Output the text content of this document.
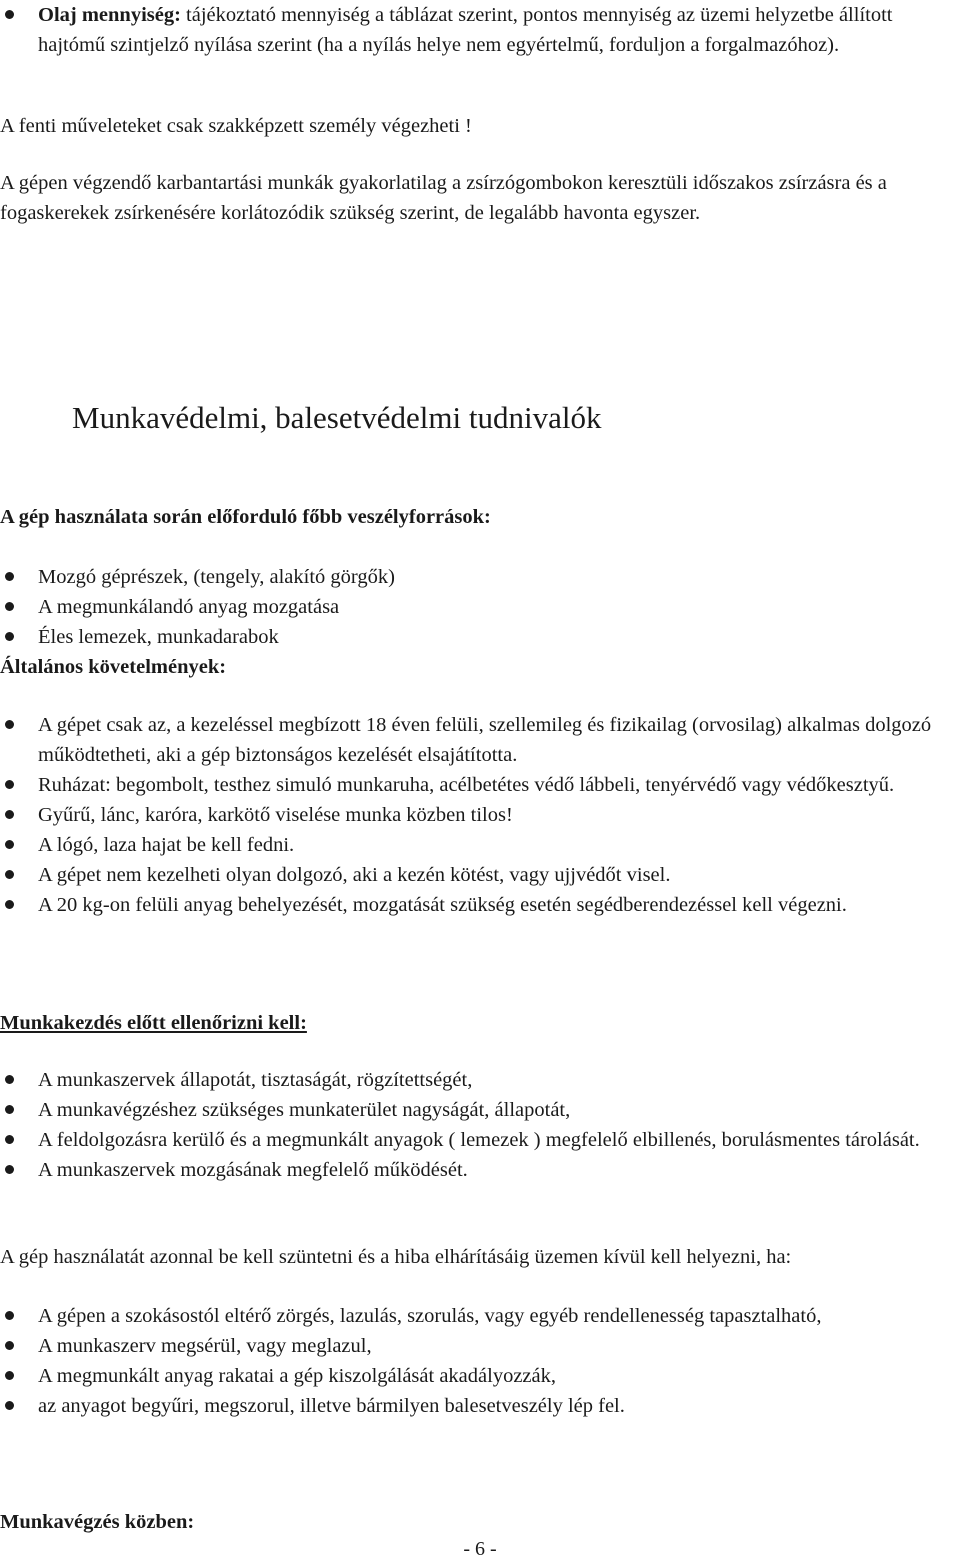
Olaj mennyiség: tájékoztató mennyiség a táblázat szerint, pontos mennyiség az üzemi helyzetbe állított hajtómű szintjelző nyílása szerint (ha a nyílás helye nem egyértelmű, forduljon a forgalmazóhoz).
A fenti műveleteket csak szakképzett személy végezheti !
A gépen végzendő karbantartási munkák gyakorlatilag a zsírzógombokon keresztüli időszakos zsírzásra és a fogaskerekek zsírkenésére korlátozódik szükség szerint, de legalább havonta egyszer.
Munkavédelmi, balesetvédelmi tudnivalók
A gép használata során előforduló főbb veszélyforrások:
Mozgó géprészek, (tengely, alakító görgők)
A megmunkálandó anyag mozgatása
Éles lemezek, munkadarabok
Általános követelmények:
A gépet csak az, a kezeléssel megbízott 18 éven felüli, szellemileg és fizikailag (orvosilag) alkalmas dolgozó működtetheti, aki a gép biztonságos kezelését elsajátította.
Ruházat: begombolt, testhez simuló munkaruha, acélbetétes védő lábbeli, tenyérvédő vagy védőkesztyű.
Gyűrű, lánc, karóra, karkötő viselése munka közben tilos!
A lógó, laza hajat be kell fedni.
A gépet nem kezelheti olyan dolgozó, aki a kezén kötést, vagy ujjvédőt visel.
A 20 kg-on felüli anyag behelyezését, mozgatását szükség esetén segédberendezéssel kell végezni.
Munkakezdés előtt ellenőrizni kell:
A munkaszervek állapotát, tisztaságát, rögzítettségét,
A munkavégzéshez szükséges munkaterület nagyságát, állapotát,
A feldolgozásra kerülő és a megmunkált anyagok ( lemezek ) megfelelő elbillenés, borulásmentes tárolását.
A munkaszervek mozgásának megfelelő működését.
A gép használatát azonnal be kell szüntetni és a hiba elhárításáig üzemen kívül kell helyezni, ha:
A gépen a szokásostól eltérő zörgés, lazulás, szorulás, vagy egyéb rendellenesség tapasztalható,
A munkaszerv megsérül, vagy meglazul,
A megmunkált anyag rakatai a gép kiszolgálását akadályozzák,
az anyagot begyűri, megszorul, illetve bármilyen balesetveszély lép fel.
Munkavégzés közben:
- 6 -
